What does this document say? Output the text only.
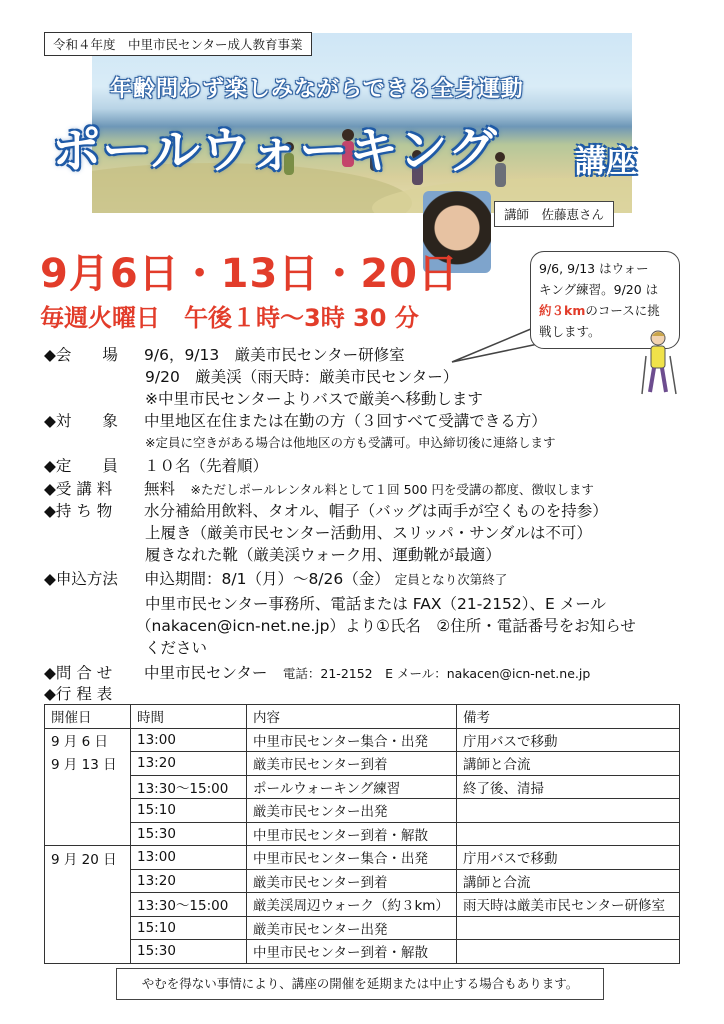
令和４年度　中里市民センター成人教育事業
年齢問わず楽しみながらできる全身運動
ポールウォーキング 講座
講師　佐藤恵さん
9月6日・13日・20日
毎週火曜日　午後１時～3時 30 分
9/6, 9/13 はウォー
キング練習。9/20 は
約３kmのコースに挑
戦します。
◆会　　場 9/6，9/13　厳美市民センター研修室
9/20　厳美渓（雨天時：厳美市民センター）
※中里市民センターよりバスで厳美へ移動します
◆対　　象 中里地区在住または在勤の方（３回すべて受講できる方）
※定員に空きがある場合は他地区の方も受講可。申込締切後に連絡します
◆定　　員 １０名（先着順）
◆受 講 料 無料　 ※ただしポールレンタル料として１回 500 円を受講の都度、徴収します
◆持 ち 物 水分補給用飲料、タオル、帽子（バッグは両手が空くものを持参）
上履き（厳美市民センター活動用、スリッパ・サンダルは不可）
履きなれた靴（厳美渓ウォーク用、運動靴が最適）
◆申込方法 申込期間：8/1（月）～8/26（金） 定員となり次第終了
中里市民センター事務所、電話または FAX（21-2152）、E メール
（nakacen@icn-net.ne.jp）より①氏名　②住所・電話番号をお知らせ
ください
◆問 合 せ 中里市民センター　 電話：21-2152　E メール：nakacen@icn-net.ne.jp
◆行 程 表
開催日	時間	内容	備考
9 月 6 日	13:00	中里市民センター集合・出発	庁用バスで移動
9 月 13 日	13:20	厳美市民センター到着	講師と合流
	13:30～15:00	ポールウォーキング練習	終了後、清掃
	15:10	厳美市民センター出発	
	15:30	中里市民センター到着・解散	
9 月 20 日	13:00	中里市民センター集合・出発	庁用バスで移動
	13:20	厳美市民センター到着	講師と合流
	13:30～15:00	厳美渓周辺ウォーク（約３km）	雨天時は厳美市民センター研修室
	15:10	厳美市民センター出発	
	15:30	中里市民センター到着・解散	
やむを得ない事情により、講座の開催を延期または中止する場合もあります。
